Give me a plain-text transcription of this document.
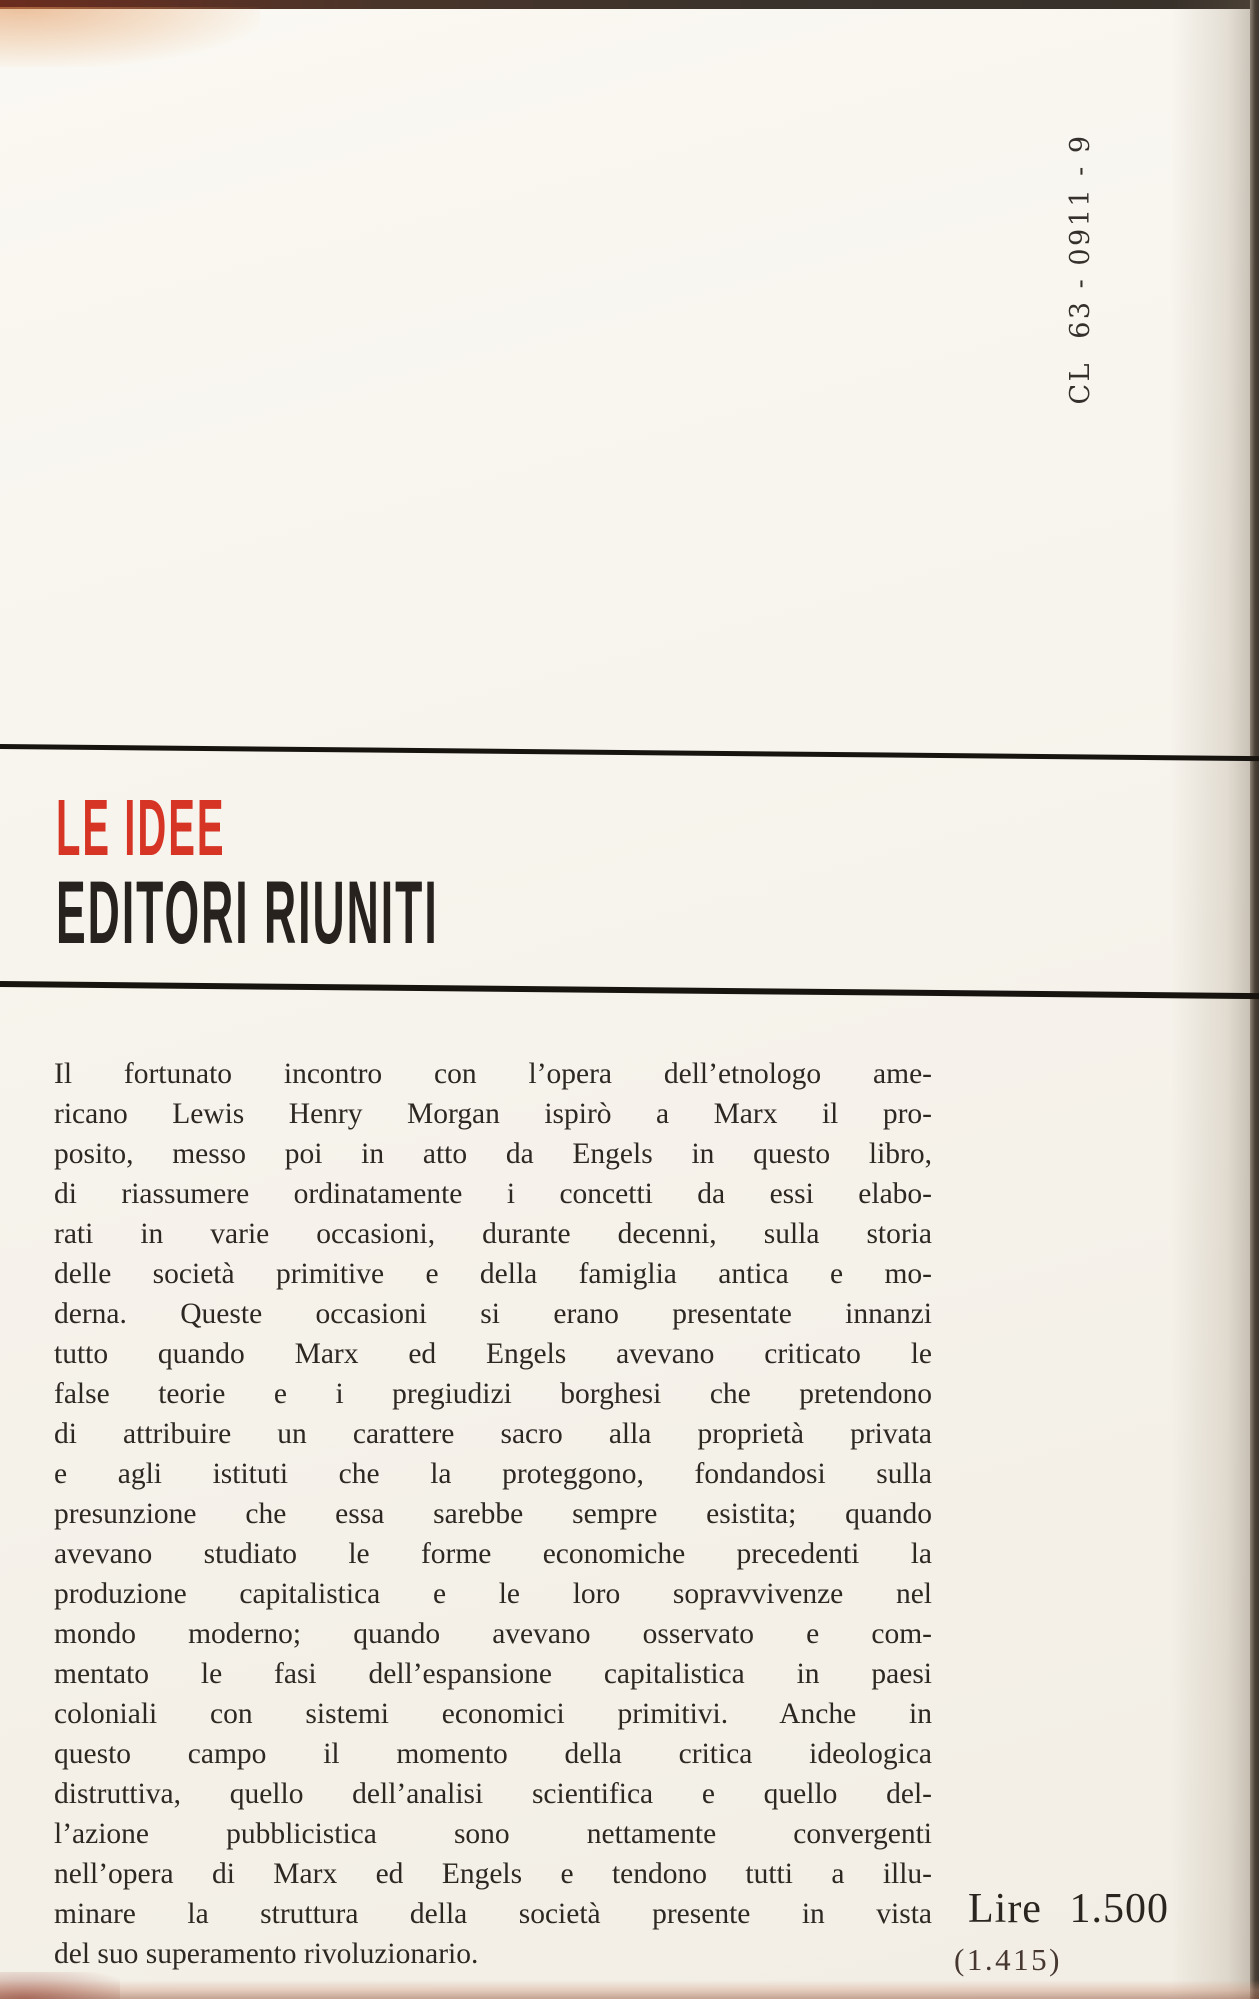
CL  63 - 0911 - 9
LE IDEE
EDITORI RIUNITI
Il fortunato incontro con l’opera dell’etnologo ame-
ricano Lewis Henry Morgan ispirò a Marx il pro-
posito, messo poi in atto da Engels in questo libro,
di riassumere ordinatamente i concetti da essi elabo-
rati in varie occasioni, durante decenni, sulla storia
delle società primitive e della famiglia antica e mo-
derna. Queste occasioni si erano presentate innanzi
tutto quando Marx ed Engels avevano criticato le
false teorie e i pregiudizi borghesi che pretendono
di attribuire un carattere sacro alla proprietà privata
e agli istituti che la proteggono, fondandosi sulla
presunzione che essa sarebbe sempre esistita; quando
avevano studiato le forme economiche precedenti la
produzione capitalistica e le loro sopravvivenze nel
mondo moderno; quando avevano osservato e com-
mentato le fasi dell’espansione capitalistica in paesi
coloniali con sistemi economici primitivi. Anche in
questo campo il momento della critica ideologica
distruttiva, quello dell’analisi scientifica e quello del-
l’azione pubblicistica sono nettamente convergenti
nell’opera di Marx ed Engels e tendono tutti a illu-
minare la struttura della società presente in vista
del suo superamento rivoluzionario.
Lire 1.500
(1.415)
